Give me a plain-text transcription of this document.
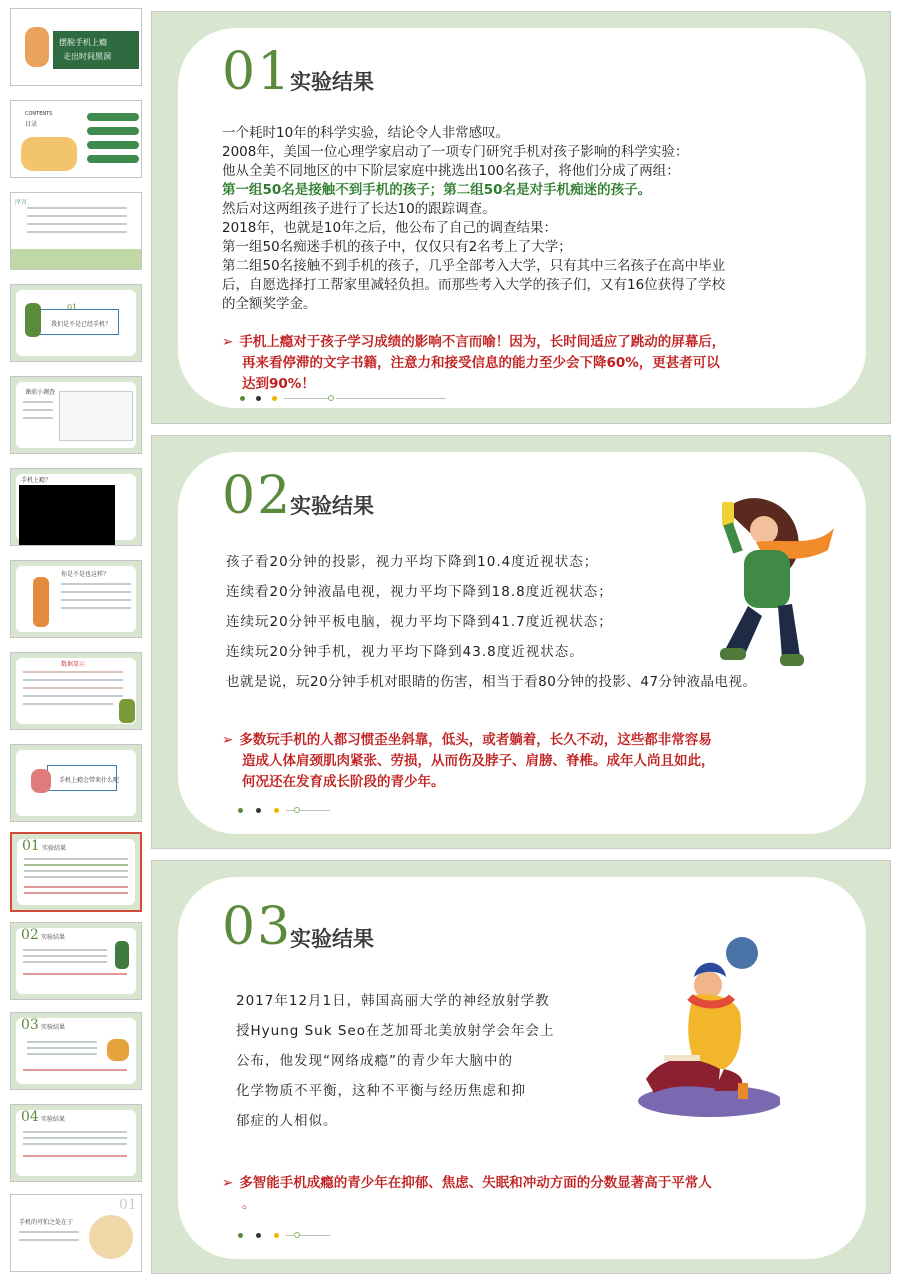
摆脱手机上瘾
走出时间黑洞
CONTENTS
目录
序言
我们是不是已经手机？
01
课前小调查
手机上瘾？
你是不是也这样？
数据显示
手机上瘾会带来什么呢
01 实验结果
02 实验结果
03 实验结果
04 实验结果
01
手机的可怕之处在于
01
实验结果
一个耗时10年的科学实验，结论令人非常感叹。
2008年，美国一位心理学家启动了一项专门研究手机对孩子影响的科学实验：
他从全美不同地区的中下阶层家庭中挑选出100名孩子，将他们分成了两组：
第一组50名是接触不到手机的孩子；第二组50名是对手机痴迷的孩子。
然后对这两组孩子进行了长达10的跟踪调查。
2018年，也就是10年之后，他公布了自己的调查结果：
第一组50名痴迷手机的孩子中，仅仅只有2名考上了大学；
第二组50名接触不到手机的孩子，几乎全部考入大学，只有其中三名孩子在高中毕业
后，自愿选择打工帮家里减轻负担。而那些考入大学的孩子们，又有16位获得了学校
的全额奖学金。
➢ 手机上瘾对于孩子学习成绩的影响不言而喻！因为，长时间适应了跳动的屏幕后，
再来看停滞的文字书籍，注意力和接受信息的能力至少会下降60%，更甚者可以
达到90%！
02
实验结果
孩子看20分钟的投影，视力平均下降到10.4度近视状态；
连续看20分钟液晶电视，视力平均下降到18.8度近视状态；
连续玩20分钟平板电脑，视力平均下降到41.7度近视状态；
连续玩20分钟手机，视力平均下降到43.8度近视状态。
也就是说，玩20分钟手机对眼睛的伤害，相当于看80分钟的投影、47分钟液晶电视。
➢ 多数玩手机的人都习惯歪坐斜靠，低头，或者躺着，长久不动，这些都非常容易
造成人体肩颈肌肉紧张、劳损，从而伤及脖子、肩膀、脊椎。成年人尚且如此，
何况还在发育成长阶段的青少年。
03
实验结果
2017年12月1日，韩国高丽大学的神经放射学教
授Hyung Suk Seo在芝加哥北美放射学会年会上
公布，他发现“网络成瘾”的青少年大脑中的
化学物质不平衡，这种不平衡与经历焦虑和抑
郁症的人相似。
➢ 多智能手机成瘾的青少年在抑郁、焦虑、失眠和冲动方面的分数显著高于平常人
。
